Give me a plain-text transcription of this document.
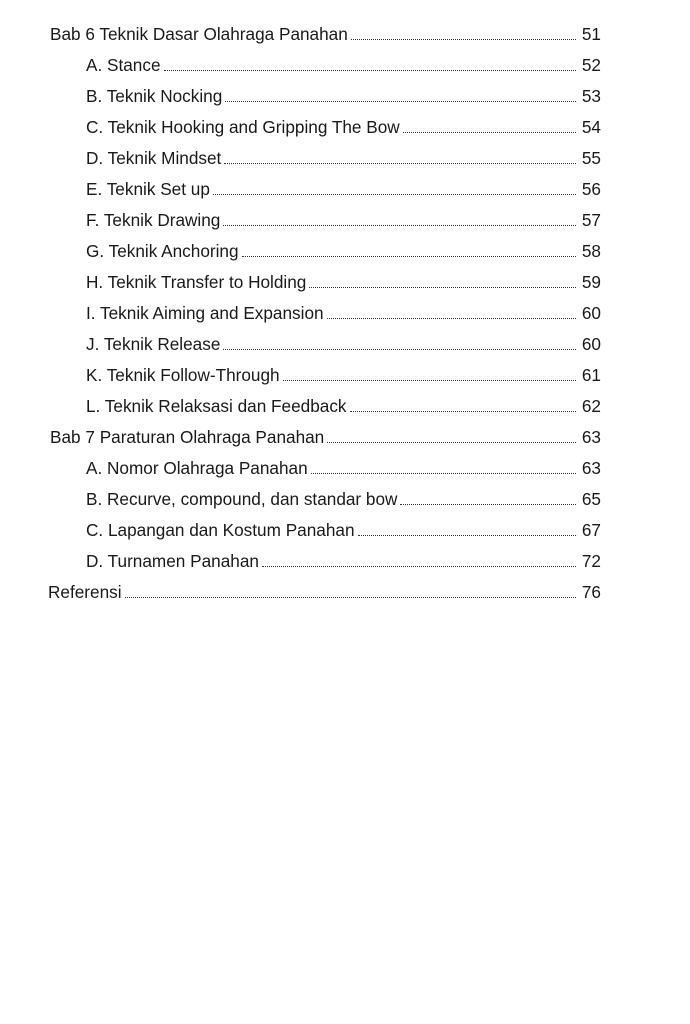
Bab 6 Teknik Dasar Olahraga Panahan	51
A. Stance	52
B. Teknik Nocking	53
C. Teknik Hooking and Gripping The Bow	54
D. Teknik Mindset	55
E. Teknik Set up	56
F. Teknik Drawing	57
G. Teknik Anchoring	58
H. Teknik Transfer to Holding	59
I. Teknik Aiming and Expansion	60
J. Teknik Release	60
K. Teknik Follow-Through	61
L. Teknik Relaksasi dan Feedback	62
Bab 7 Paraturan Olahraga Panahan	63
A. Nomor Olahraga Panahan	63
B. Recurve, compound, dan standar bow	65
C. Lapangan dan Kostum Panahan	67
D. Turnamen Panahan	72
Referensi	76
